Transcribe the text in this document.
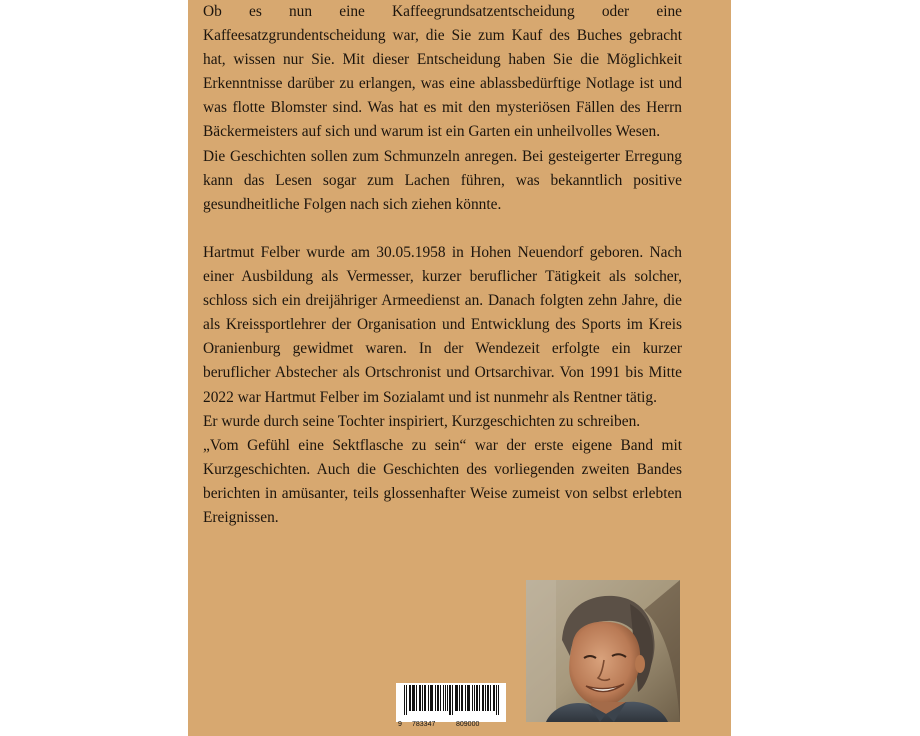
Ob es nun eine Kaffeegrundsatzentscheidung oder eine Kaffeesatzgrundentscheidung war, die Sie zum Kauf des Buches gebracht hat, wissen nur Sie. Mit dieser Entscheidung haben Sie die Möglichkeit Erkenntnisse darüber zu erlangen, was eine ablassbedürftige Notlage ist und was flotte Blomster sind. Was hat es mit den mysteriösen Fällen des Herrn Bäckermeisters auf sich und warum ist ein Garten ein unheilvolles Wesen.

Die Geschichten sollen zum Schmunzeln anregen. Bei gesteigerter Erregung kann das Lesen sogar zum Lachen führen, was bekanntlich positive gesundheitliche Folgen nach sich ziehen könnte.

Hartmut Felber wurde am 30.05.1958 in Hohen Neuendorf geboren. Nach einer Ausbildung als Vermesser, kurzer beruflicher Tätigkeit als solcher, schloss sich ein dreijähriger Armeedienst an. Danach folgten zehn Jahre, die als Kreissportlehrer der Organisation und Entwicklung des Sports im Kreis Oranienburg gewidmet waren. In der Wendezeit erfolgte ein kurzer beruflicher Abstecher als Ortschronist und Ortsarchivar. Von 1991 bis Mitte 2022 war Hartmut Felber im Sozialamt und ist nunmehr als Rentner tätig.

Er wurde durch seine Tochter inspiriert, Kurzgeschichten zu schreiben.

„Vom Gefühl eine Sektflasche zu sein“ war der erste eigene Band mit Kurzgeschichten. Auch die Geschichten des vorliegenden zweiten Bandes berichten in amüsanter, teils glossenhafter Weise zumeist von selbst erlebten Ereignissen.

9 783347	809000
